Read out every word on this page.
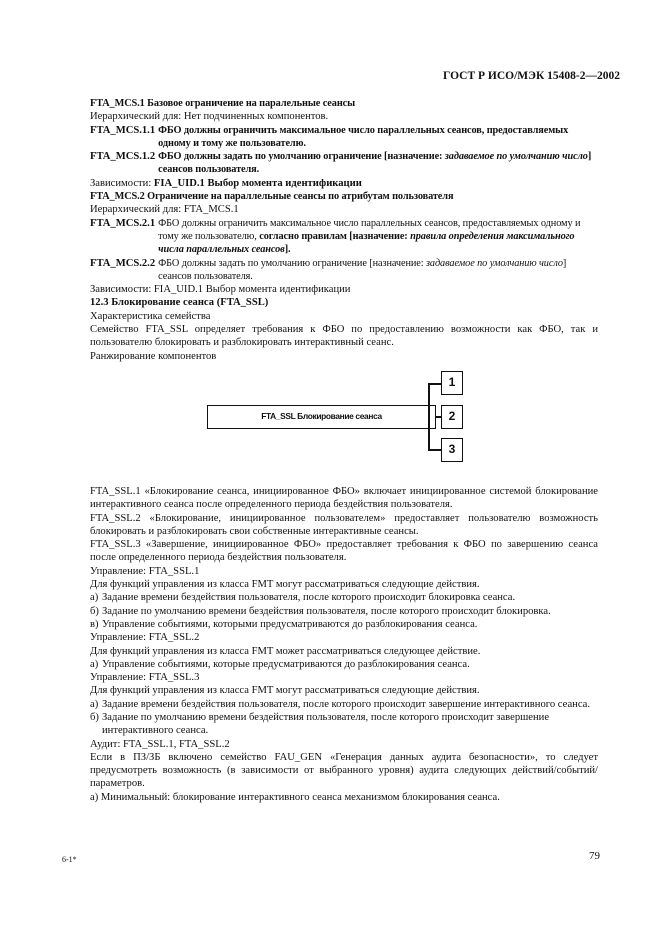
ГОСТ Р ИСО/МЭК 15408-2—2002

FTA_MCS.1 Базовое ограничение на паралельные сеансы

Иерархический для: Нет подчиненных компонентов.

FTA_MCS.1.1 ФБО должны ограничить максимальное число параллельных сеансов, предоставляемых одному и тому же пользователю.
FTA_MCS.1.2 ФБО должны задать по умолчанию ограничение [назначение: задаваемое по умолчанию число] сеансов пользователя.

Зависимости: FIA_UID.1 Выбор момента идентификации

FTA_MCS.2 Ограничение на параллельные сеансы по атрибутам пользователя

Иерархический для: FTA_MCS.1

FTA_MCS.2.1 ФБО должны ограничить максимальное число параллельных сеансов, предоставляемых одному и тому же пользователю, согласно правилам [назначение: правила определения максимального числа параллельных сеансов].
FTA_MCS.2.2 ФБО должны задать по умолчанию ограничение [назначение: задаваемое по умолчанию число] сеансов пользователя.

Зависимости: FIA_UID.1 Выбор момента идентификации

12.3 Блокирование сеанса (FTA_SSL)

Характеристика семейства

Семейство FTA_SSL определяет требования к ФБО по предоставлению возможности как ФБО, так и пользователю блокировать и разблокировать интерактивный сеанс.

Ранжирование компонентов

FTA_SSL Блокирование сеанса
1
2
3

FTA_SSL.1 «Блокирование сеанса, инициированное ФБО» включает инициированное системой блокирование интерактивного сеанса после определенного периода бездействия пользователя.

FTA_SSL.2 «Блокирование, инициированное пользователем» предоставляет пользователю возможность блокировать и разблокировать свои собственные интерактивные сеансы.

FTA_SSL.3 «Завершение, инициированное ФБО» предоставляет требования к ФБО по завершению сеанса после определенного периода бездействия пользователя.

Управление: FTA_SSL.1

Для функций управления из класса FMT могут рассматриваться следующие действия.

а) Задание времени бездействия пользователя, после которого происходит блокировка сеанса.
б) Задание по умолчанию времени бездействия пользователя, после которого происходит блокировка.
в) Управление событиями, которыми предусматриваются до разблокирования сеанса.

Управление: FTA_SSL.2

Для функций управления из класса FMT может рассматриваться следующее действие.

а) Управление событиями, которые предусматриваются до разблокирования сеанса.

Управление: FTA_SSL.3

Для функций управления из класса FMT могут рассматриваться следующие действия.

а) Задание времени бездействия пользователя, после которого происходит завершение интерактивного сеанса.
б) Задание по умолчанию времени бездействия пользователя, после которого происходит завершение интерактивного сеанса.

Аудит: FTA_SSL.1, FTA_SSL.2

Если в ПЗ/ЗБ включено семейство FAU_GEN «Генерация данных аудита безопасности», то следует предусмотреть возможность (в зависимости от выбранного уровня) аудита следующих действий/событий/параметров.

а) Минимальный: блокирование интерактивного сеанса механизмом блокирования сеанса.

6-1*	79
